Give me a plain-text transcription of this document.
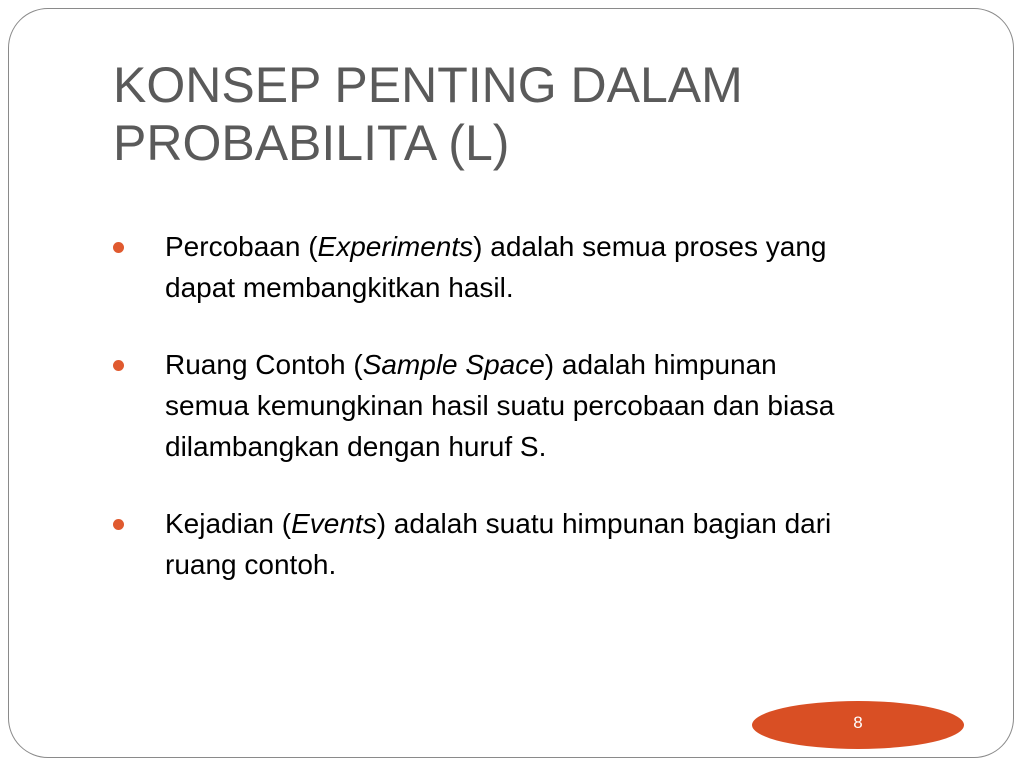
KONSEP PENTING DALAM
PROBABILITA (L)
Percobaan (Experiments) adalah semua proses yang
dapat membangkitkan hasil.
Ruang Contoh (Sample Space) adalah himpunan
semua kemungkinan hasil suatu percobaan dan biasa
dilambangkan dengan huruf S.
Kejadian (Events) adalah suatu himpunan bagian dari
ruang contoh.
8
